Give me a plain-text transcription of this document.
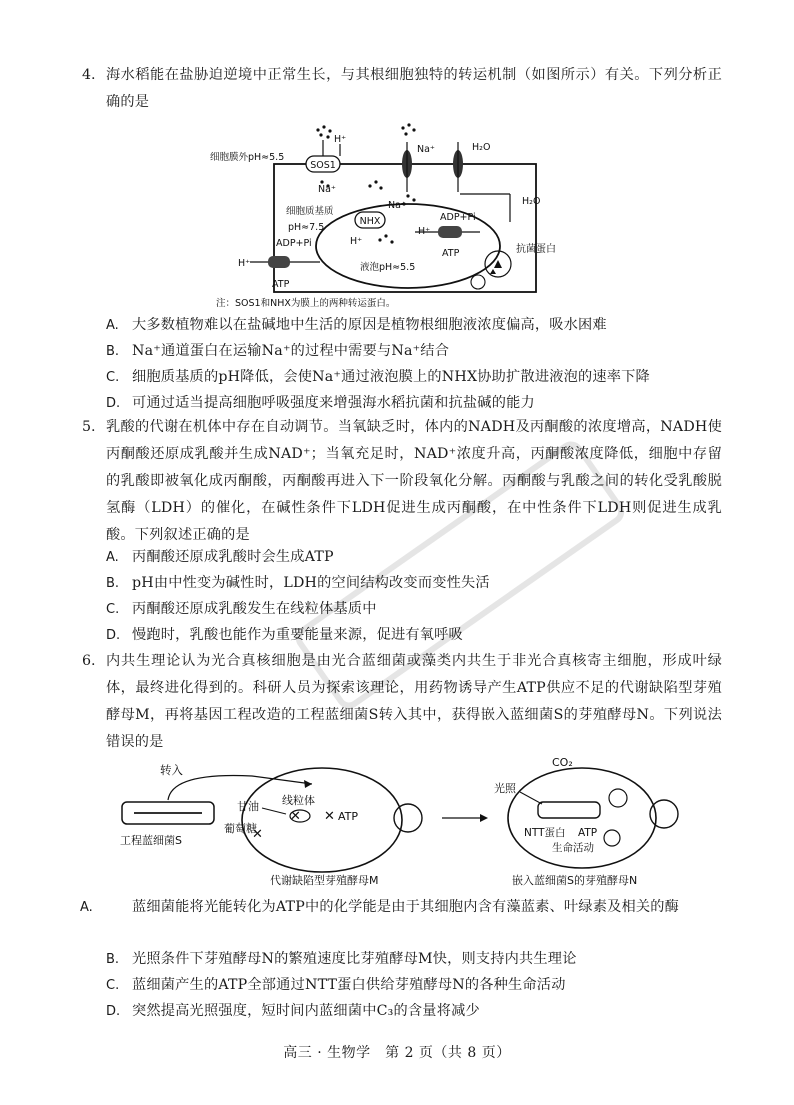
4. 海水稻能在盐胁迫逆境中正常生长，与其根细胞独特的转运机制（如图所示）有关。下列分析正确的是
SOS1
NHX
细胞膜外pH≈5.5
H⁺
Na⁺	H₂O
H₂O
Na⁺
Na⁺
细胞质基质
pH≈7.5
ADP+Pi
ATP
H⁺
H⁺
H⁺
ADP+Pi
ATP
液泡pH≈5.5
抗菌蛋白
注：SOS1和NHX为膜上的两种转运蛋白。
A. 大多数植物难以在盐碱地中生活的原因是植物根细胞液浓度偏高，吸水困难
B. Na⁺通道蛋白在运输Na⁺的过程中需要与Na⁺结合
C. 细胞质基质的pH降低，会使Na⁺通过液泡膜上的NHX协助扩散进液泡的速率下降
D. 可通过适当提高细胞呼吸强度来增强海水稻抗菌和抗盐碱的能力
5. 乳酸的代谢在机体中存在自动调节。当氧缺乏时，体内的NADH及丙酮酸的浓度增高，NADH使丙酮酸还原成乳酸并生成NAD⁺；当氧充足时，NAD⁺浓度升高，丙酮酸浓度降低，细胞中存留的乳酸即被氧化成丙酮酸，丙酮酸再进入下一阶段氧化分解。丙酮酸与乳酸之间的转化受乳酸脱氢酶（LDH）的催化，在碱性条件下LDH促进生成丙酮酸，在中性条件下LDH则促进生成乳酸。下列叙述正确的是
A. 丙酮酸还原成乳酸时会生成ATP
B. pH由中性变为碱性时，LDH的空间结构改变而变性失活
C. 丙酮酸还原成乳酸发生在线粒体基质中
D. 慢跑时，乳酸也能作为重要能量来源，促进有氧呼吸
6. 内共生理论认为光合真核细胞是由光合蓝细菌或藻类内共生于非光合真核寄主细胞，形成叶绿体，最终进化得到的。科研人员为探索该理论，用药物诱导产生ATP供应不足的代谢缺陷型芽殖酵母M，再将基因工程改造的工程蓝细菌S转入其中，获得嵌入蓝细菌S的芽殖酵母N。下列说法错误的是
工程蓝细菌S
转入
甘油
葡萄糖
线粒体
✕ ✕ ATP
✕
代谢缺陷型芽殖酵母M
CO₂
光照
NTT蛋白 ATP
生命活动
嵌入蓝细菌S的芽殖酵母N
A.	蓝细菌能将光能转化为ATP中的化学能是由于其细胞内含有藻蓝素、叶绿素及相关的酶
B. 光照条件下芽殖酵母N的繁殖速度比芽殖酵母M快，则支持内共生理论
C. 蓝细菌产生的ATP全部通过NTT蛋白供给芽殖酵母N的各种生命活动
D. 突然提高光照强度，短时间内蓝细菌中C₃的含量将减少
高三 · 生物学　第 2 页（共 8 页）
